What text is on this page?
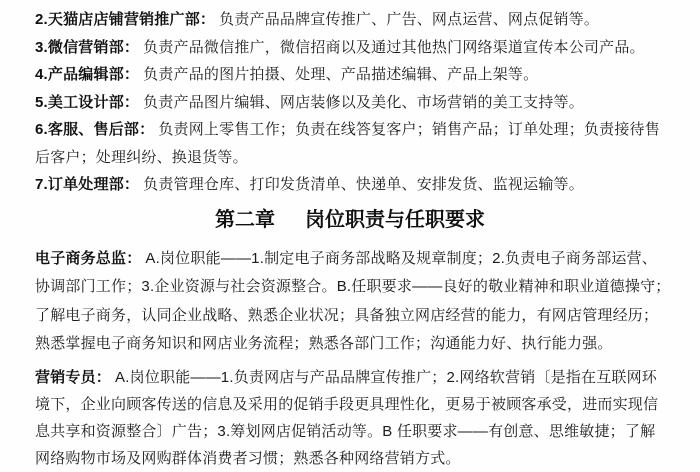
2.天猫店店铺营销推广部： 负责产品品牌宣传推广、广告、网点运营、网点促销等。
3.微信营销部： 负责产品微信推广，微信招商以及通过其他热门网络渠道宣传本公司产品。
4.产品编辑部： 负责产品的图片拍摄、处理、产品描述编辑、产品上架等。
5.美工设计部： 负责产品图片编辑、网店装修以及美化、市场营销的美工支持等。
6.客服、售后部： 负责网上零售工作；负责在线答复客户；销售产品；订单处理；负责接待售
后客户；处理纠纷、换退货等。
7.订单处理部： 负责管理仓库、打印发货清单、快递单、安排发货、监视运输等。
第二章 岗位职责与任职要求
电子商务总监： A.岗位职能——1.制定电子商务部战略及规章制度；2.负责电子商务部运营、
协调部门工作；3.企业资源与社会资源整合。B.任职要求——良好的敬业精神和职业道德操守；
了解电子商务，认同企业战略、熟悉企业状况；具备独立网店经营的能力，有网店管理经历；
熟悉掌握电子商务知识和网店业务流程；熟悉各部门工作；沟通能力好、执行能力强。
营销专员： A.岗位职能——1.负责网店与产品品牌宣传推广；2.网络软营销〔是指在互联网环
境下，企业向顾客传送的信息及采用的促销手段更具理性化，更易于被顾客承受，进而实现信
息共享和资源整合〕广告；3.筹划网店促销活动等。B 任职要求——有创意、思维敏捷；了解
网络购物市场及网购群体消费者习惯；熟悉各种网络营销方式。
